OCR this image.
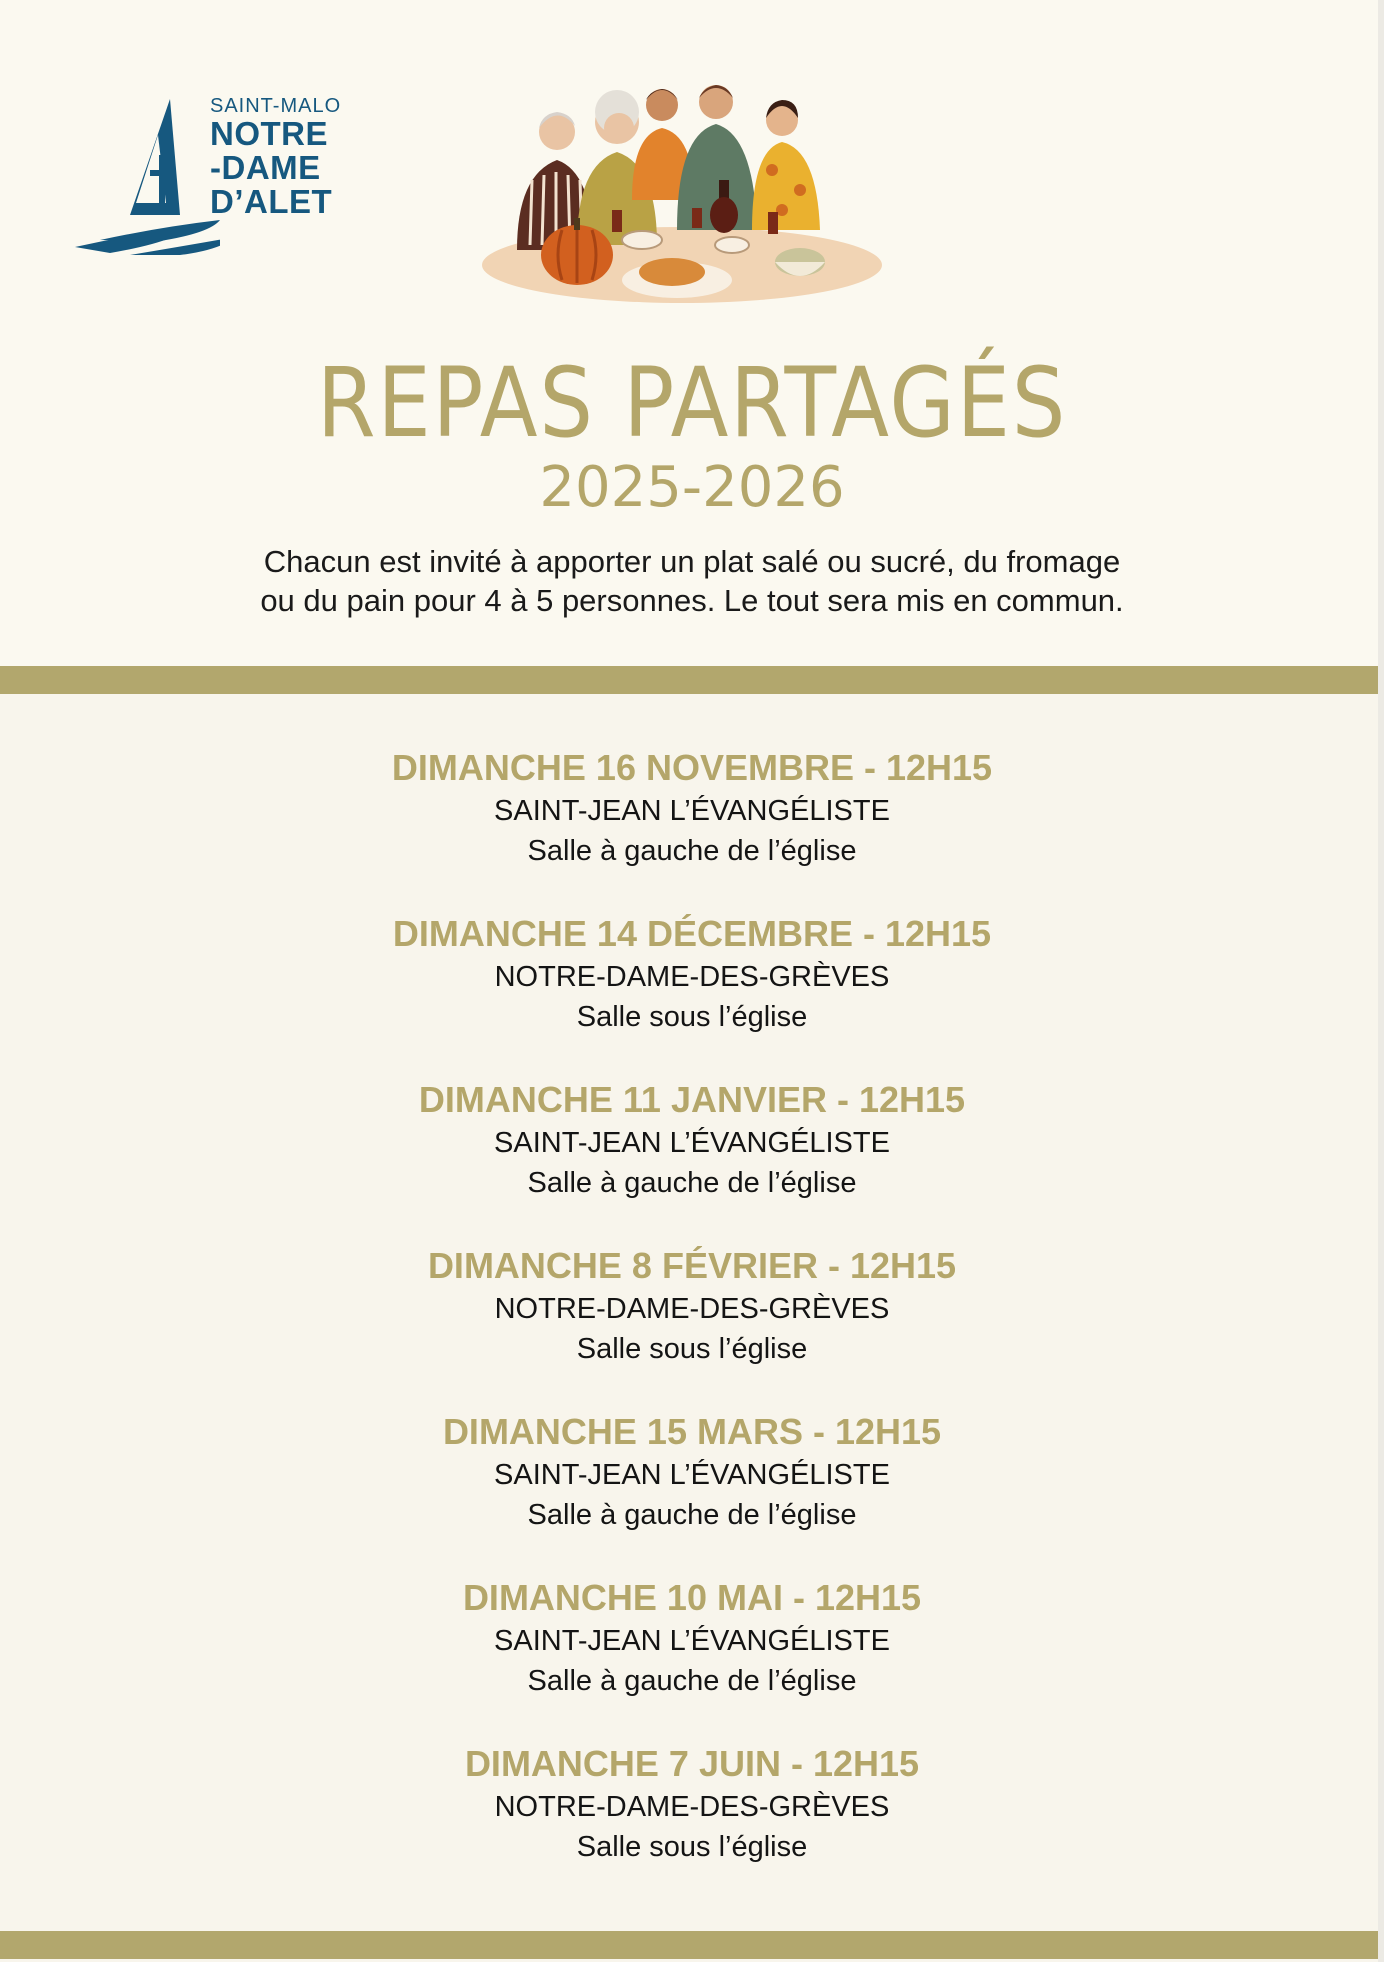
SAINT-MALO
NOTRE
-DAME
D’ALET
REPAS PARTAGÉS
2025-2026
Chacun est invité à apporter un plat salé ou sucré, du fromage
ou du pain pour 4 à 5 personnes. Le tout sera mis en commun.
DIMANCHE 16 NOVEMBRE - 12H15
SAINT-JEAN L’ÉVANGÉLISTE
Salle à gauche de l’église
DIMANCHE 14 DÉCEMBRE - 12H15
NOTRE-DAME-DES-GRÈVES
Salle sous l’église
DIMANCHE 11 JANVIER - 12H15
SAINT-JEAN L’ÉVANGÉLISTE
Salle à gauche de l’église
DIMANCHE 8 FÉVRIER - 12H15
NOTRE-DAME-DES-GRÈVES
Salle sous l’église
DIMANCHE 15 MARS - 12H15
SAINT-JEAN L’ÉVANGÉLISTE
Salle à gauche de l’église
DIMANCHE 10 MAI - 12H15
SAINT-JEAN L’ÉVANGÉLISTE
Salle à gauche de l’église
DIMANCHE 7 JUIN - 12H15
NOTRE-DAME-DES-GRÈVES
Salle sous l’église
